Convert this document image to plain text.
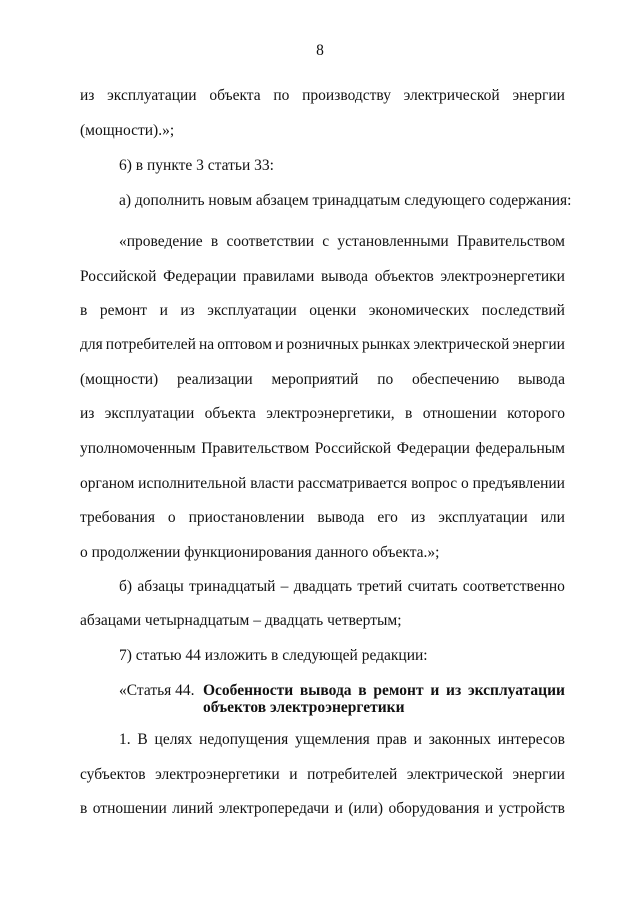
8
из эксплуатации объекта по производству электрической энергии
(мощности).»;
6) в пункте 3 статьи 33:
а) дополнить новым абзацем тринадцатым следующего содержания:
«проведение в соответствии с установленными Правительством
Российской Федерации правилами вывода объектов электроэнергетики
в ремонт и из эксплуатации оценки экономических последствий
для потребителей на оптовом и розничных рынках электрической энергии
(мощности) реализации мероприятий по обеспечению вывода
из эксплуатации объекта электроэнергетики, в отношении которого
уполномоченным Правительством Российской Федерации федеральным
органом исполнительной власти рассматривается вопрос о предъявлении
требования о приостановлении вывода его из эксплуатации или
о продолжении функционирования данного объекта.»;
б) абзацы тринадцатый – двадцать третий считать соответственно
абзацами четырнадцатым – двадцать четвертым;
7) статью 44 изложить в следующей редакции:
1. В целях недопущения ущемления прав и законных интересов
субъектов электроэнергетики и потребителей электрической энергии
в отношении линий электропередачи и (или) оборудования и устройств
«Статья 44. Особенности вывода в ремонт и из эксплуатации
объектов электроэнергетики
